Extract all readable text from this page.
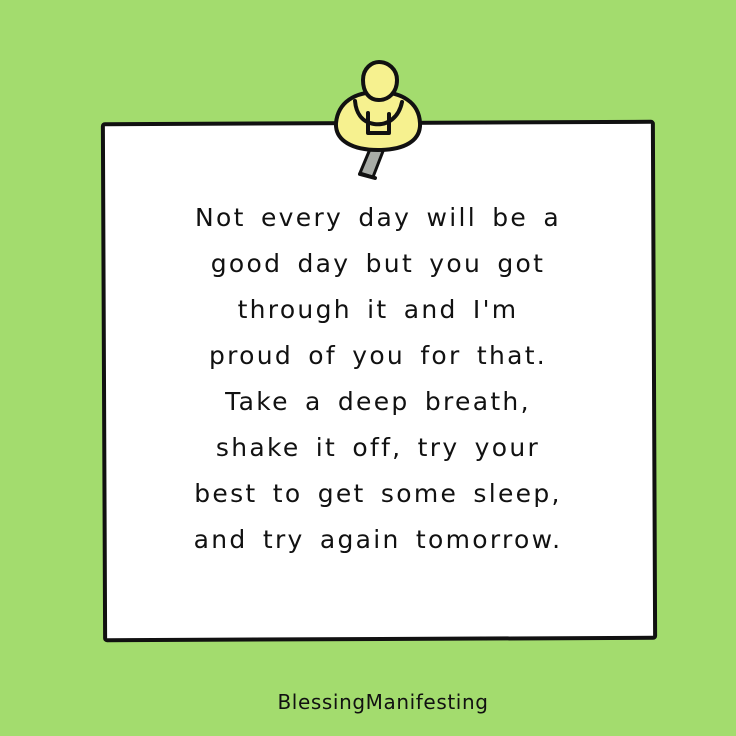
Not every day will be a
good day but you got
through it and I'm
proud of you for that.
Take a deep breath,
shake it off, try your
best to get some sleep,
and try again tomorrow.
BlessingManifesting
